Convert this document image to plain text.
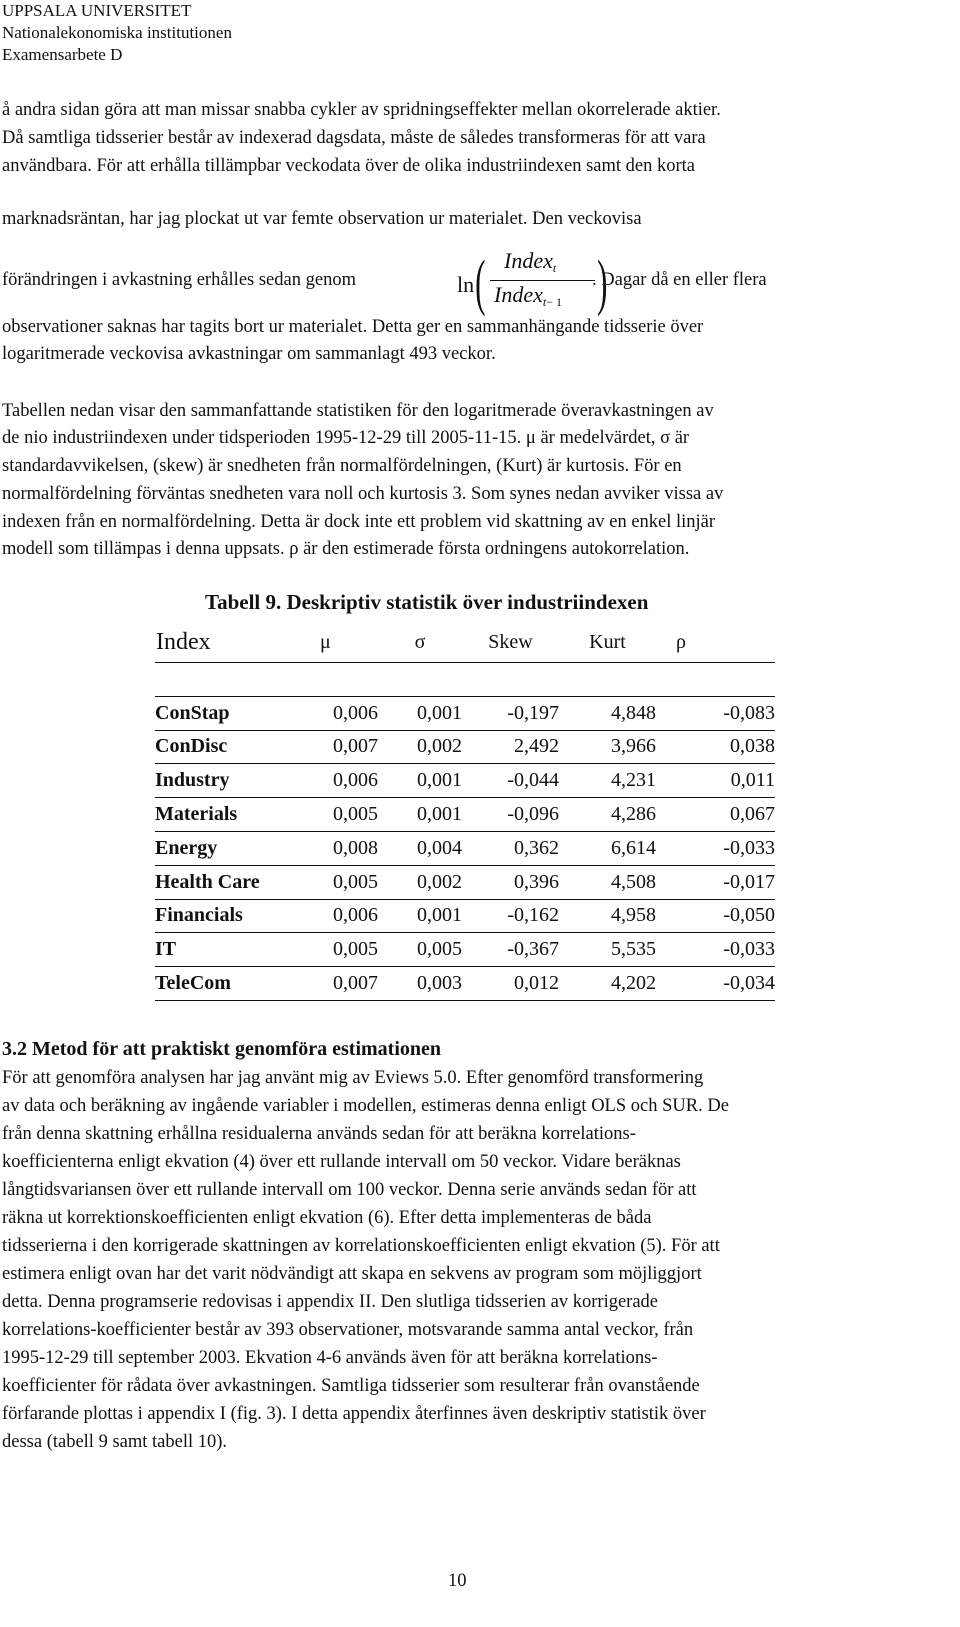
UPPSALA UNIVERSITET
Nationalekonomiska institutionen
Examensarbete D

å andra sidan göra att man missar snabba cykler av spridningseffekter mellan okorrelerade aktier.

Då samtliga tidsserier består av indexerad dagsdata, måste de således transformeras för att vara

användbara. För att erhålla tillämpbar veckodata över de olika industriindexen samt den korta

marknadsräntan, har jag plockat ut var femte observation ur materialet. Den veckovisa

förändringen i avkastning erhålles sedan genom	ln ( Index$_t$
Index$_t$− 1 )
. Dagar då en eller flera

observationer saknas har tagits bort ur materialet. Detta ger en sammanhängande tidsserie över

logaritmerade veckovisa avkastningar om sammanlagt 493 veckor.

Tabellen nedan visar den sammanfattande statistiken för den logaritmerade överavkastningen av

de nio industriindexen under tidsperioden 1995-12-29 till 2005-11-15. μ är medelvärdet, σ är

standardavvikelsen, (skew) är snedheten från normalfördelningen, (Kurt) är kurtosis. För en

normalfördelning förväntas snedheten vara noll och kurtosis 3. Som synes nedan avviker vissa av

indexen från en normalfördelning. Detta är dock inte ett problem vid skattning av en enkel linjär

modell som tillämpas i denna uppsats. ρ är den estimerade första ordningens autokorrelation.

Tabell 9. Deskriptiv statistik över industriindexen
Index	μ	σ	Skew	Kurt	ρ

ConStap	0,006	0,001	-0,197	4,848	-0,083
ConDisc	0,007	0,002	2,492	3,966	0,038
Industry	0,006	0,001	-0,044	4,231	0,011
Materials	0,005	0,001	-0,096	4,286	0,067
Energy	0,008	0,004	0,362	6,614	-0,033
Health Care	0,005	0,002	0,396	4,508	-0,017
Financials	0,006	0,001	-0,162	4,958	-0,050
IT	0,005	0,005	-0,367	5,535	-0,033
TeleCom	0,007	0,003	0,012	4,202	-0,034
3.2 Metod för att praktiskt genomföra estimationen

För att genomföra analysen har jag använt mig av Eviews 5.0. Efter genomförd transformering

av data och beräkning av ingående variabler i modellen, estimeras denna enligt OLS och SUR. De

från denna skattning erhållna residualerna används sedan för att beräkna korrelations-

koefficienterna enligt ekvation (4) över ett rullande intervall om 50 veckor. Vidare beräknas

långtidsvariansen över ett rullande intervall om 100 veckor. Denna serie används sedan för att

räkna ut korrektionskoefficienten enligt ekvation (6). Efter detta implementeras de båda

tidsserierna i den korrigerade skattningen av korrelationskoefficienten enligt ekvation (5). För att

estimera enligt ovan har det varit nödvändigt att skapa en sekvens av program som möjliggjort

detta. Denna programserie redovisas i appendix II. Den slutliga tidsserien av korrigerade

korrelations-koefficienter består av 393 observationer, motsvarande samma antal veckor, från

1995-12-29 till september 2003. Ekvation 4-6 används även för att beräkna korrelations-

koefficienter för rådata över avkastningen. Samtliga tidsserier som resulterar från ovanstående

förfarande plottas i appendix I (fig. 3). I detta appendix återfinnes även deskriptiv statistik över

dessa (tabell 9 samt tabell 10).

10
